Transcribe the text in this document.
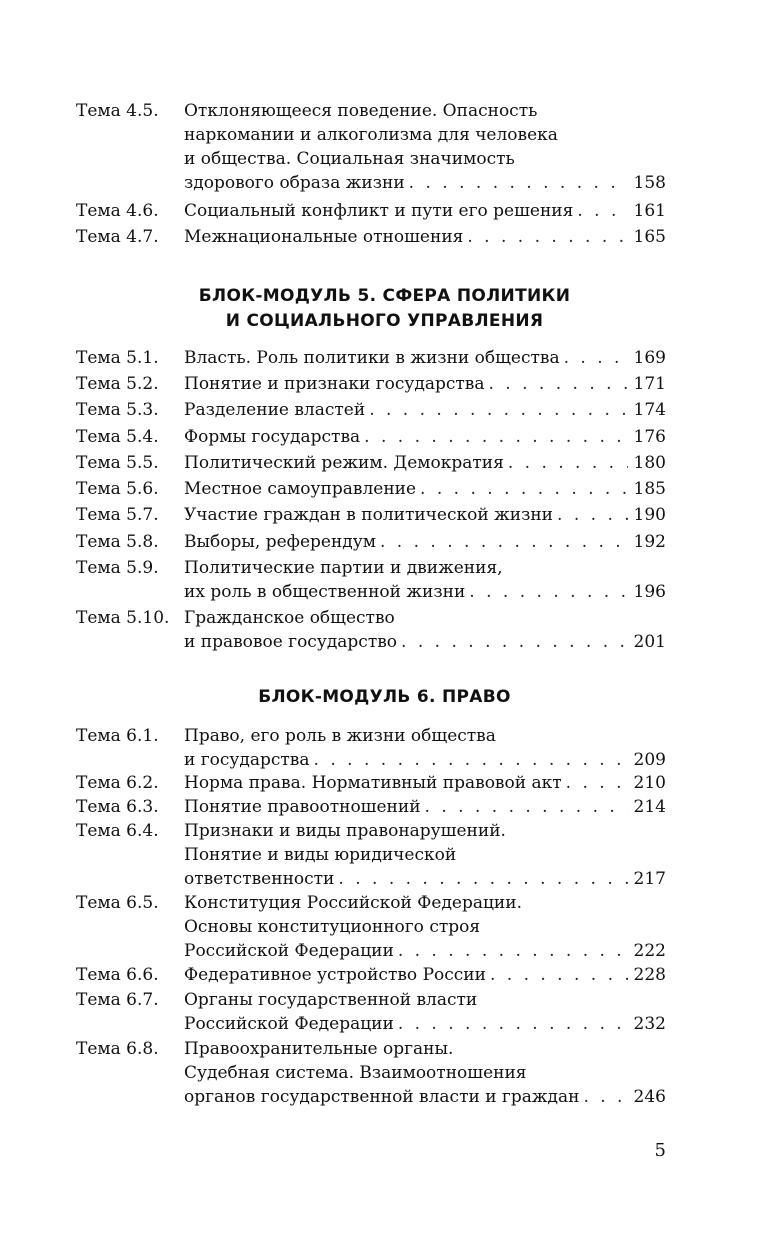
Тема 4.5. Отклоняющееся поведение. Опасность
наркомании и алкоголизма для человека
и общества. Социальная значимость
здорового образа жизни . . .	158
Тема 4.6. Социальный конфликт и пути его решения . . .	161
Тема 4.7. Межнациональные отношения . . .	165
БЛОК-МОДУЛЬ 5. СФЕРА ПОЛИТИКИ
И СОЦИАЛЬНОГО УПРАВЛЕНИЯ
Тема 5.1. Власть. Роль политики в жизни общества . . .	169
Тема 5.2. Понятие и признаки государства . . .	171
Тема 5.3. Разделение властей . . .	174
Тема 5.4. Формы государства . . .	176
Тема 5.5. Политический режим. Демократия . . .	180
Тема 5.6. Местное самоуправление . . .	185
Тема 5.7. Участие граждан в политической жизни . . .	190
Тема 5.8. Выборы, референдум . . .	192
Тема 5.9. Политические партии и движения,
их роль в общественной жизни . . .	196
Тема 5.10. Гражданское общество
и правовое государство . . .	201
БЛОК-МОДУЛЬ 6. ПРАВО
Тема 6.1. Право, его роль в жизни общества
и государства . . .	209
Тема 6.2. Норма права. Нормативный правовой акт . . .	210
Тема 6.3. Понятие правоотношений . . .	214
Тема 6.4. Признаки и виды правонарушений.
Понятие и виды юридической
ответственности . . .	217
Тема 6.5. Конституция Российской Федерации.
Основы конституционного строя
Российской Федерации . . .	222
Тема 6.6. Федеративное устройство России . . .	228
Тема 6.7. Органы государственной власти
Российской Федерации . . .	232
Тема 6.8. Правоохранительные органы.
Судебная система. Взаимоотношения
органов государственной власти и граждан . . .	246
5
